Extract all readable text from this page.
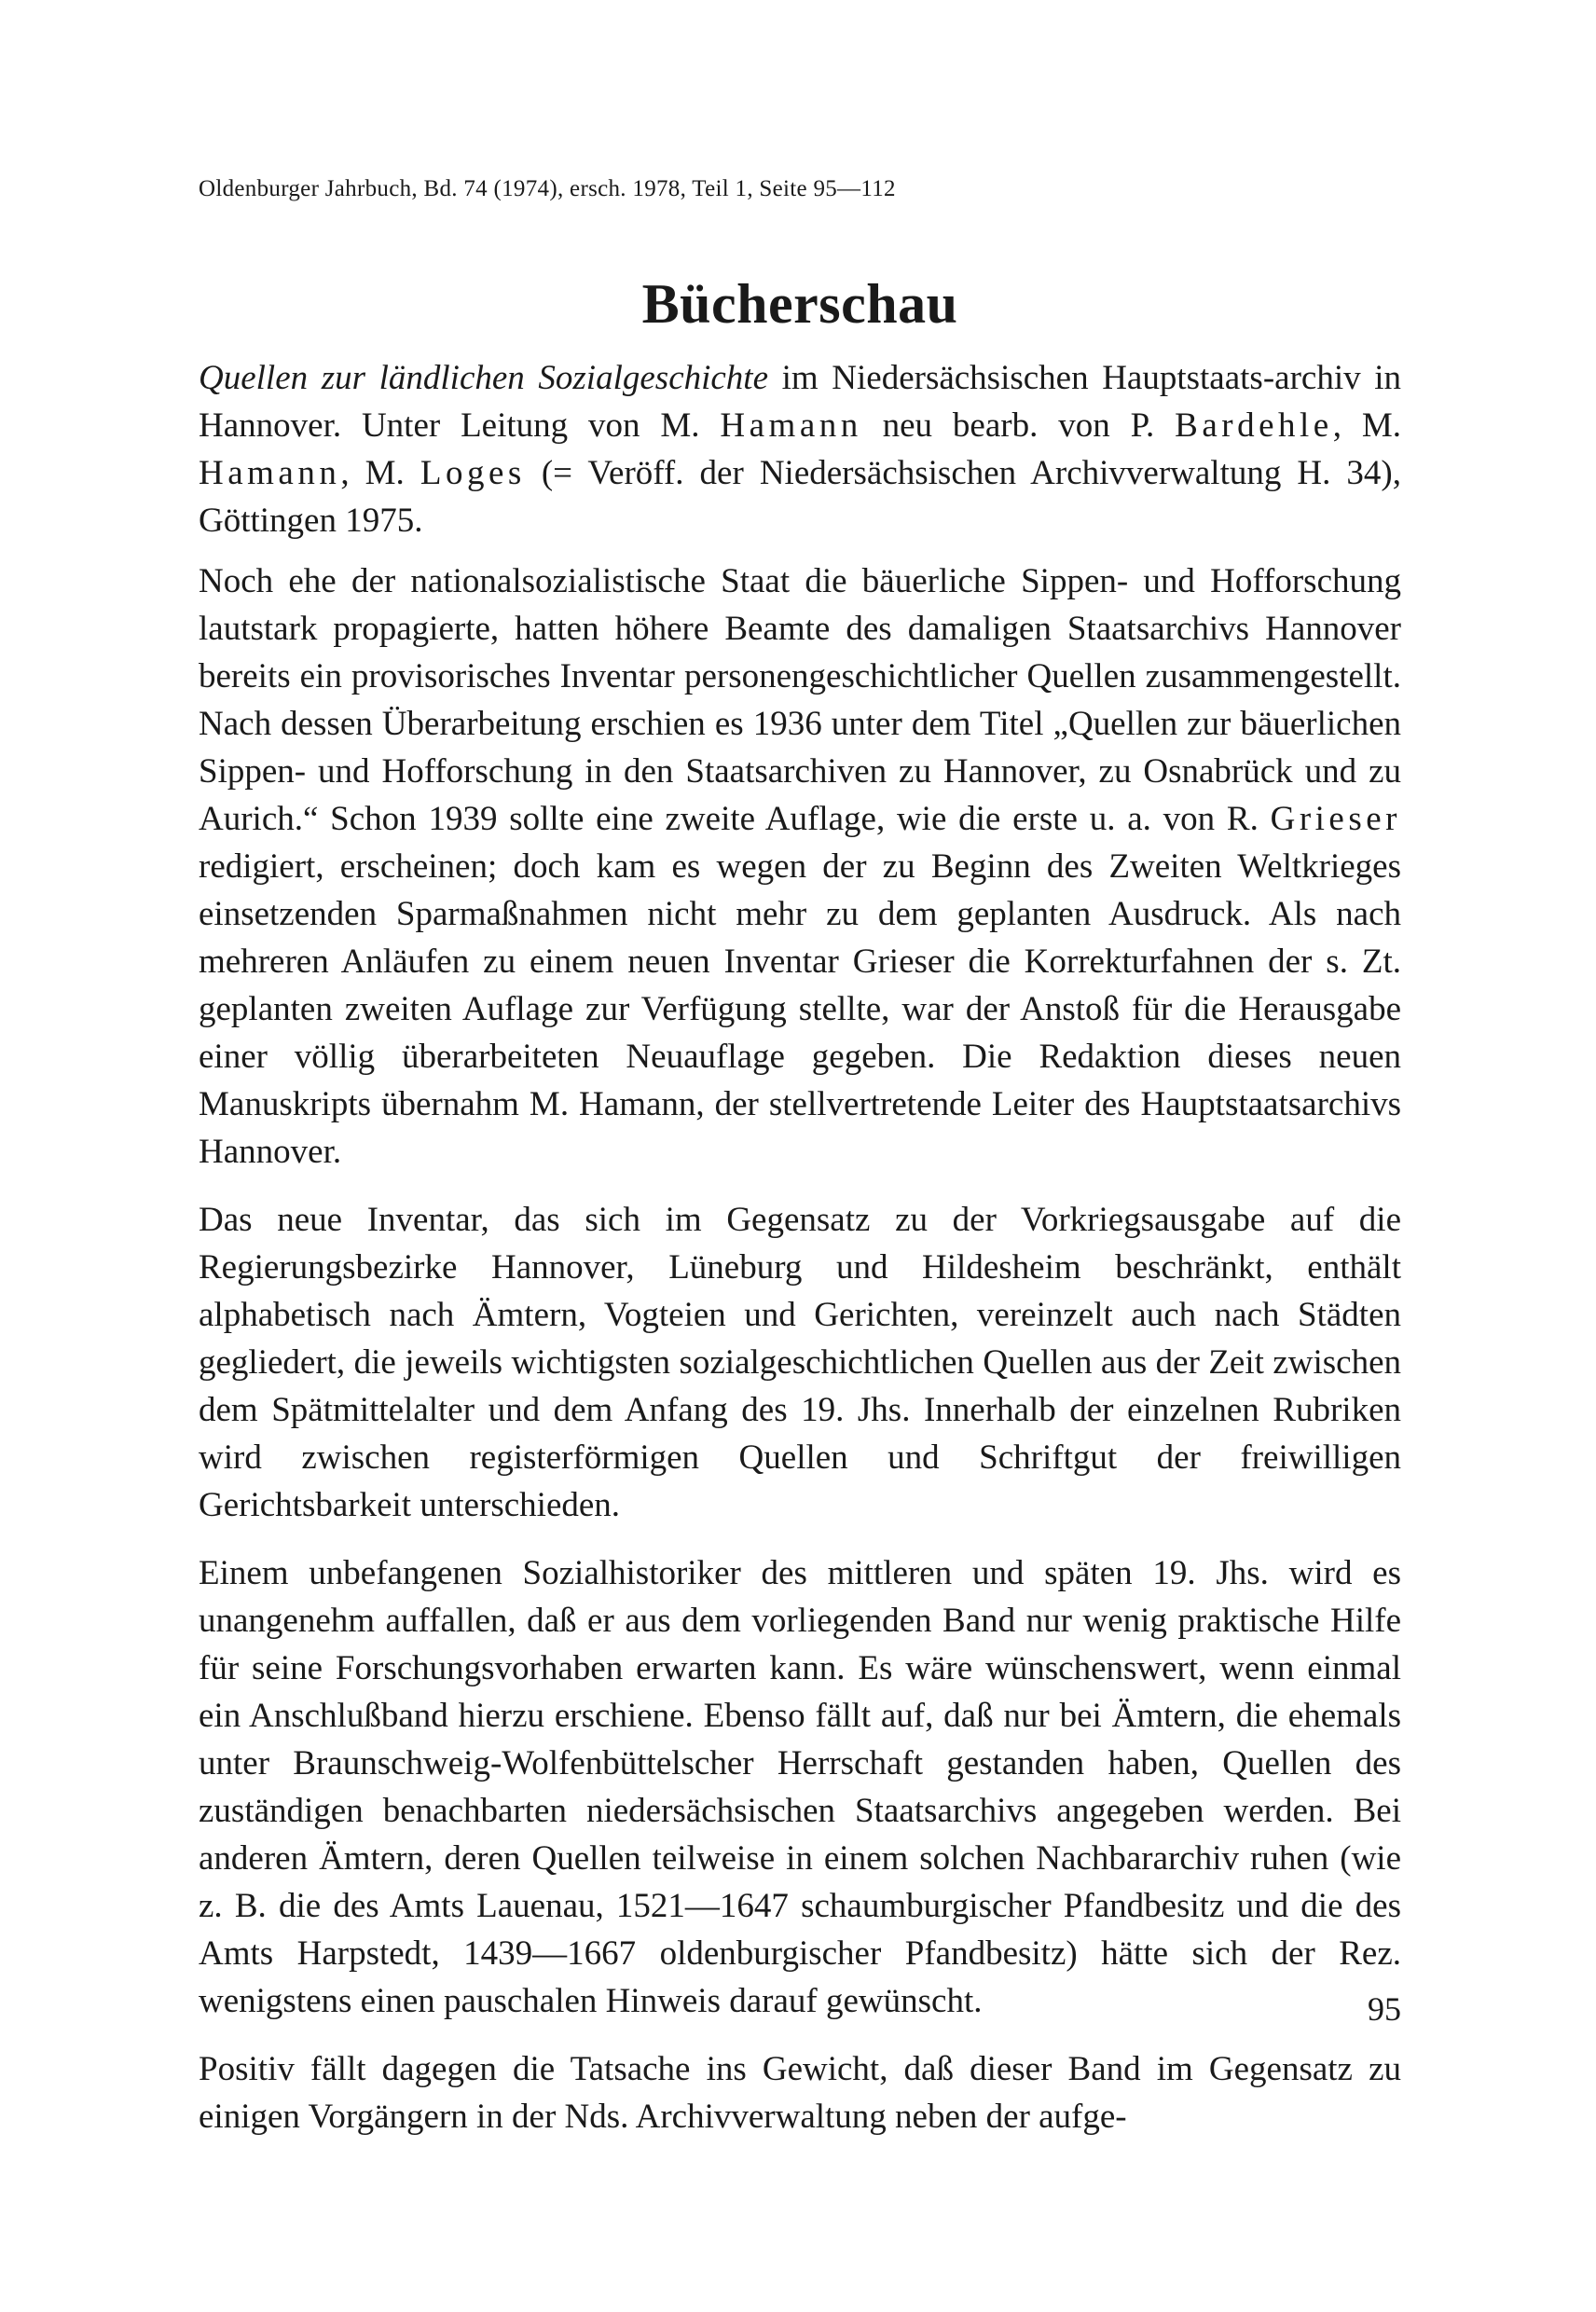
Oldenburger Jahrbuch, Bd. 74 (1974), ersch. 1978, Teil 1, Seite 95—112
Bücherschau

Quellen zur ländlichen Sozialgeschichte im Niedersächsischen Hauptstaats-archiv in Hannover. Unter Leitung von M. Hamann neu bearb. von P. Bardehle, M. Hamann, M. Loges (= Veröff. der Niedersächsischen Archivverwaltung H. 34), Göttingen 1975.

Noch ehe der nationalsozialistische Staat die bäuerliche Sippen- und Hofforschung lautstark propagierte, hatten höhere Beamte des damaligen Staatsarchivs Hannover bereits ein provisorisches Inventar personengeschichtlicher Quellen zusammengestellt. Nach dessen Überarbeitung erschien es 1936 unter dem Titel „Quellen zur bäuerlichen Sippen- und Hofforschung in den Staatsarchiven zu Hannover, zu Osnabrück und zu Aurich.“ Schon 1939 sollte eine zweite Auflage, wie die erste u. a. von R. Grieser redigiert, erscheinen; doch kam es wegen der zu Beginn des Zweiten Weltkrieges einsetzenden Sparmaßnahmen nicht mehr zu dem geplanten Ausdruck. Als nach mehreren Anläufen zu einem neuen Inventar Grieser die Korrekturfahnen der s. Zt. geplanten zweiten Auflage zur Verfügung stellte, war der Anstoß für die Herausgabe einer völlig überarbeiteten Neuauflage gegeben. Die Redaktion dieses neuen Manuskripts übernahm M. Hamann, der stellvertretende Leiter des Hauptstaatsarchivs Hannover.

Das neue Inventar, das sich im Gegensatz zu der Vorkriegsausgabe auf die Regierungsbezirke Hannover, Lüneburg und Hildesheim beschränkt, enthält alphabetisch nach Ämtern, Vogteien und Gerichten, vereinzelt auch nach Städten gegliedert, die jeweils wichtigsten sozialgeschichtlichen Quellen aus der Zeit zwischen dem Spätmittelalter und dem Anfang des 19. Jhs. Innerhalb der einzelnen Rubriken wird zwischen registerförmigen Quellen und Schriftgut der freiwilligen Gerichtsbarkeit unterschieden.

Einem unbefangenen Sozialhistoriker des mittleren und späten 19. Jhs. wird es unangenehm auffallen, daß er aus dem vorliegenden Band nur wenig praktische Hilfe für seine Forschungsvorhaben erwarten kann. Es wäre wünschenswert, wenn einmal ein Anschlußband hierzu erschiene. Ebenso fällt auf, daß nur bei Ämtern, die ehemals unter Braunschweig-Wolfenbüttelscher Herrschaft gestanden haben, Quellen des zuständigen benachbarten niedersächsischen Staatsarchivs angegeben werden. Bei anderen Ämtern, deren Quellen teilweise in einem solchen Nachbararchiv ruhen (wie z. B. die des Amts Lauenau, 1521—1647 schaumburgischer Pfandbesitz und die des Amts Harpstedt, 1439—1667 oldenburgischer Pfandbesitz) hätte sich der Rez. wenigstens einen pauschalen Hinweis darauf gewünscht.

Positiv fällt dagegen die Tatsache ins Gewicht, daß dieser Band im Gegensatz zu einigen Vorgängern in der Nds. Archivverwaltung neben der aufge-

95
